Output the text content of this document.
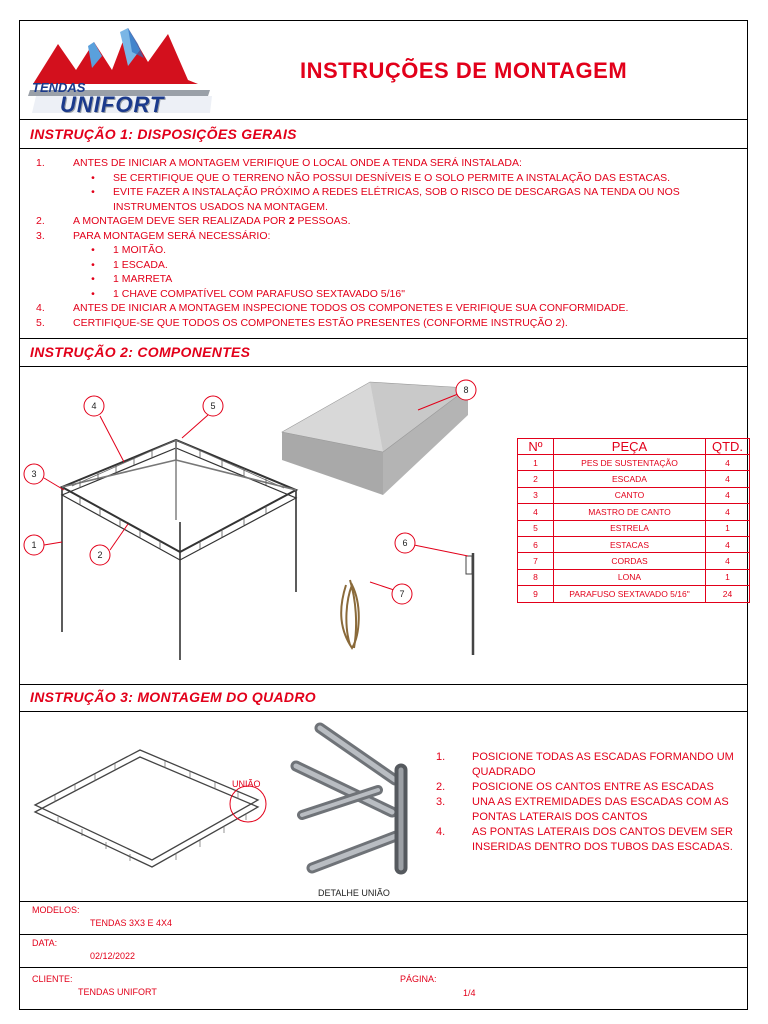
TENDAS
UNIFORT
INSTRUÇÕES DE MONTAGEM
INSTRUÇÃO 1: DISPOSIÇÕES GERAIS
1.	ANTES DE INICIAR A MONTAGEM VERIFIQUE O LOCAL ONDE A TENDA SERÁ INSTALADA:
•	SE CERTIFIQUE QUE O TERRENO NÃO POSSUI DESNÍVEIS E O SOLO PERMITE A INSTALAÇÃO DAS ESTACAS.
•	EVITE FAZER A INSTALAÇÃO PRÓXIMO A REDES ELÉTRICAS, SOB O RISCO DE DESCARGAS NA TENDA OU NOS INSTRUMENTOS USADOS NA MONTAGEM.
2.	A MONTAGEM DEVE SER REALIZADA POR 2 PESSOAS.
3.	PARA MONTAGEM SERÁ NECESSÁRIO:
•	1 MOITÃO.
•	1 ESCADA.
•	1 MARRETA
•	1 CHAVE COMPATÍVEL COM PARAFUSO SEXTAVADO 5/16"
4.	ANTES DE INICIAR A MONTAGEM INSPECIONE TODOS OS COMPONETES E VERIFIQUE SUA CONFORMIDADE.
5.	CERTIFIQUE-SE QUE TODOS OS COMPONETES ESTÃO PRESENTES (CONFORME INSTRUÇÃO 2).
INSTRUÇÃO 2: COMPONENTES
1
2
3
4	5
6
7
8
Nº	PEÇA	QTD.
1	PES DE SUSTENTAÇÃO	4
2	ESCADA	4
3	CANTO	4
4	MASTRO DE CANTO	4
5	ESTRELA	1
6	ESTACAS	4
7	CORDAS	4
8	LONA	1
9	PARAFUSO SEXTAVADO 5/16"	24
INSTRUÇÃO 3: MONTAGEM DO QUADRO
UNIÃO
DETALHE UNIÃO
1.	POSICIONE TODAS AS ESCADAS FORMANDO UM QUADRADO
2.	POSICIONE OS CANTOS ENTRE AS ESCADAS
3.	UNA AS EXTREMIDADES DAS ESCADAS COM AS PONTAS LATERAIS DOS CANTOS
4.	AS PONTAS LATERAIS DOS CANTOS DEVEM SER INSERIDAS DENTRO DOS TUBOS DAS ESCADAS.
MODELOS:
TENDAS 3X3 E 4X4
DATA:
02/12/2022
CLIENTE:
TENDAS UNIFORT
PÁGINA:
1/4
